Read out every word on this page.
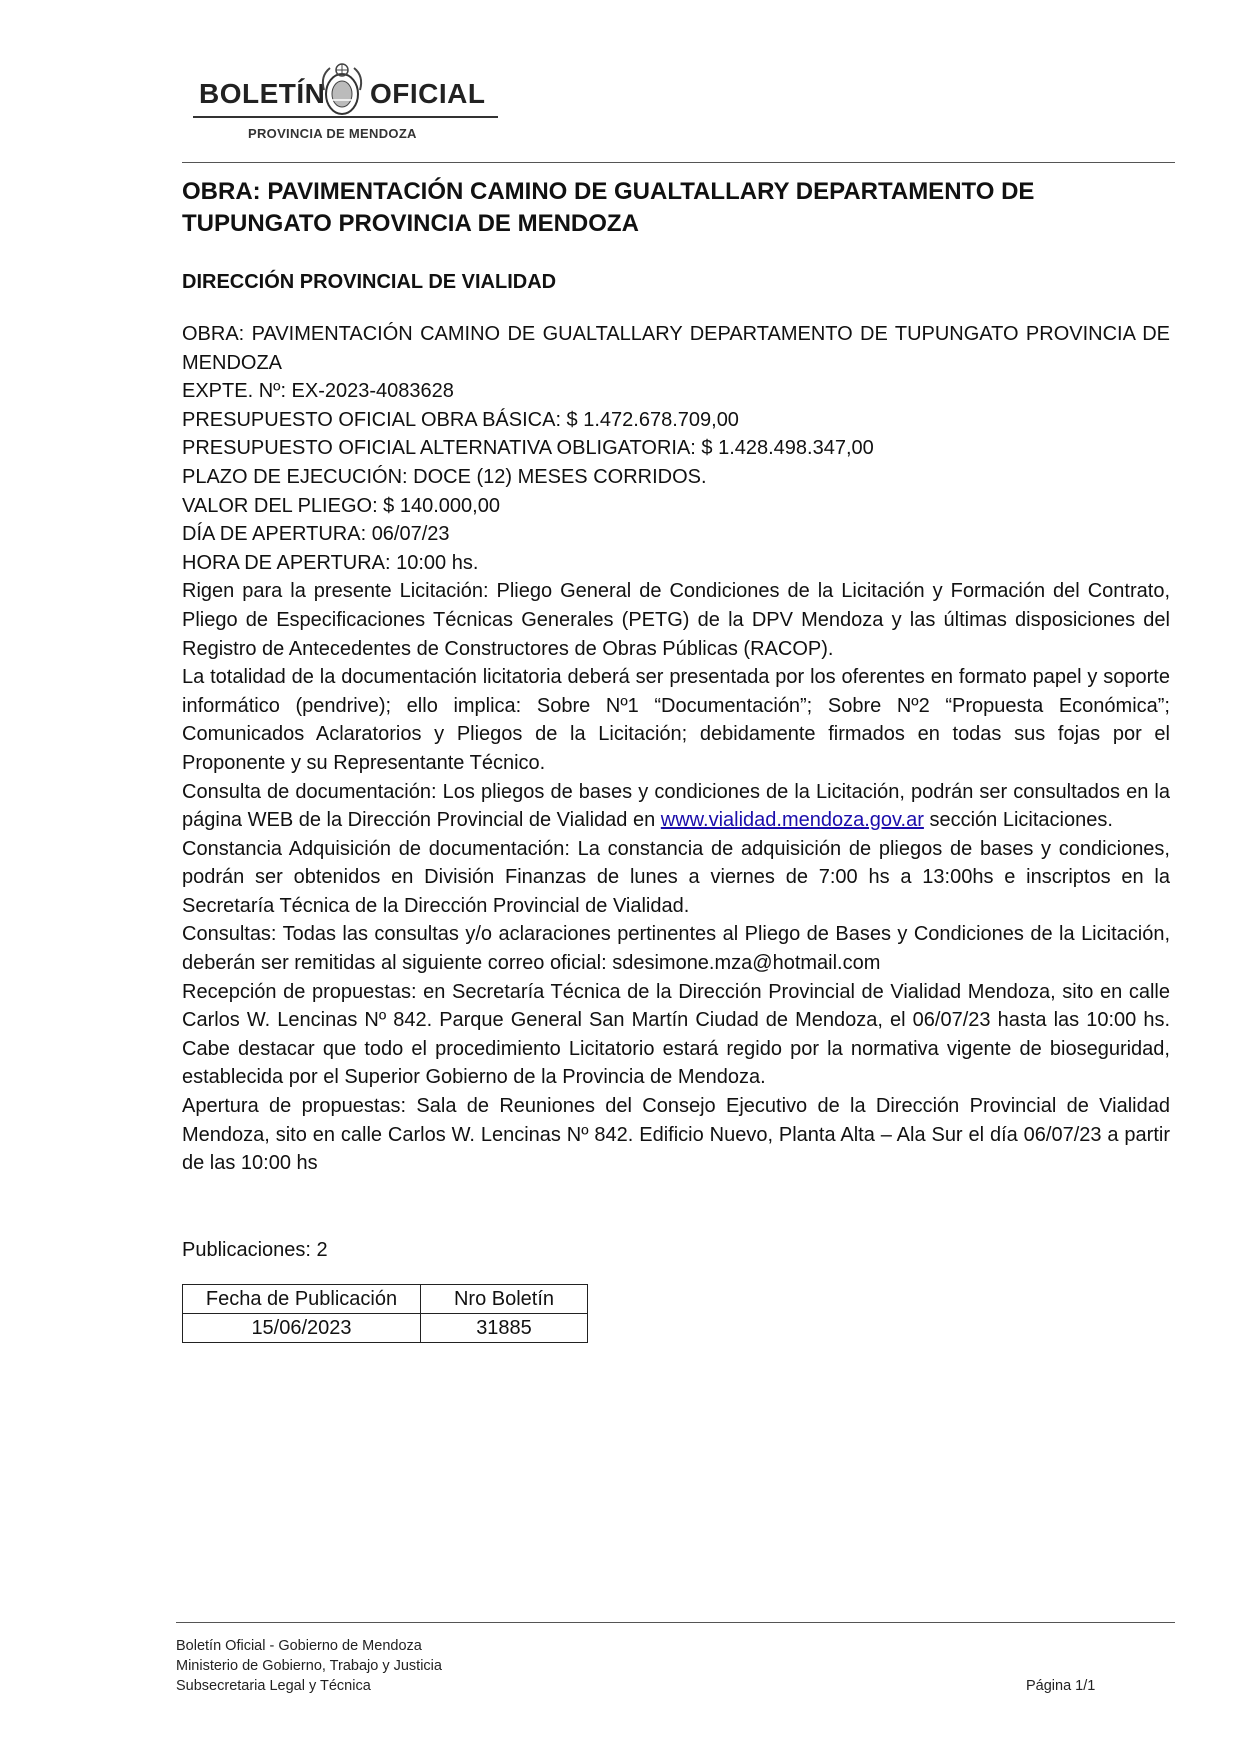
BOLETÍN OFICIAL
PROVINCIA DE MENDOZA
OBRA: PAVIMENTACIÓN CAMINO DE GUALTALLARY DEPARTAMENTO DE TUPUNGATO PROVINCIA DE MENDOZA
DIRECCIÓN PROVINCIAL DE VIALIDAD

OBRA: PAVIMENTACIÓN CAMINO DE GUALTALLARY DEPARTAMENTO DE TUPUNGATO PROVINCIA DE MENDOZA

EXPTE. Nº: EX-2023-4083628

PRESUPUESTO OFICIAL OBRA BÁSICA: $ 1.472.678.709,00

PRESUPUESTO OFICIAL ALTERNATIVA OBLIGATORIA: $ 1.428.498.347,00

PLAZO DE EJECUCIÓN: DOCE (12) MESES CORRIDOS.

VALOR DEL PLIEGO: $ 140.000,00

DÍA DE APERTURA: 06/07/23

HORA DE APERTURA: 10:00 hs.

Rigen para la presente Licitación: Pliego General de Condiciones de la Licitación y Formación del Contrato, Pliego de Especificaciones Técnicas Generales (PETG) de la DPV Mendoza y las últimas disposiciones del Registro de Antecedentes de Constructores de Obras Públicas (RACOP).

La totalidad de la documentación licitatoria deberá ser presentada por los oferentes en formato papel y soporte informático (pendrive); ello implica: Sobre Nº1 “Documentación”; Sobre Nº2 “Propuesta Económica”; Comunicados Aclaratorios y Pliegos de la Licitación; debidamente firmados en todas sus fojas por el Proponente y su Representante Técnico.

Consulta de documentación: Los pliegos de bases y condiciones de la Licitación, podrán ser consultados en la página WEB de la Dirección Provincial de Vialidad en www.vialidad.mendoza.gov.ar sección Licitaciones.

Constancia Adquisición de documentación: La constancia de adquisición de pliegos de bases y condiciones, podrán ser obtenidos en División Finanzas de lunes a viernes de 7:00 hs a 13:00hs e inscriptos en la Secretaría Técnica de la Dirección Provincial de Vialidad.

Consultas: Todas las consultas y/o aclaraciones pertinentes al Pliego de Bases y Condiciones de la Licitación, deberán ser remitidas al siguiente correo oficial: sdesimone.mza@hotmail.com

Recepción de propuestas: en Secretaría Técnica de la Dirección Provincial de Vialidad Mendoza, sito en calle Carlos W. Lencinas Nº 842. Parque General San Martín Ciudad de Mendoza, el 06/07/23 hasta las 10:00 hs. Cabe destacar que todo el procedimiento Licitatorio estará regido por la normativa vigente de bioseguridad, establecida por el Superior Gobierno de la Provincia de Mendoza.

Apertura de propuestas: Sala de Reuniones del Consejo Ejecutivo de la Dirección Provincial de Vialidad Mendoza, sito en calle Carlos W. Lencinas Nº 842. Edificio Nuevo, Planta Alta – Ala Sur el día 06/07/23 a partir de las 10:00 hs

Publicaciones: 2
Fecha de Publicación	Nro Boletín
15/06/2023	31885
Boletín Oficial - Gobierno de Mendoza
Ministerio de Gobierno, Trabajo y Justicia
Subsecretaria Legal y Técnica	Página 1/1
